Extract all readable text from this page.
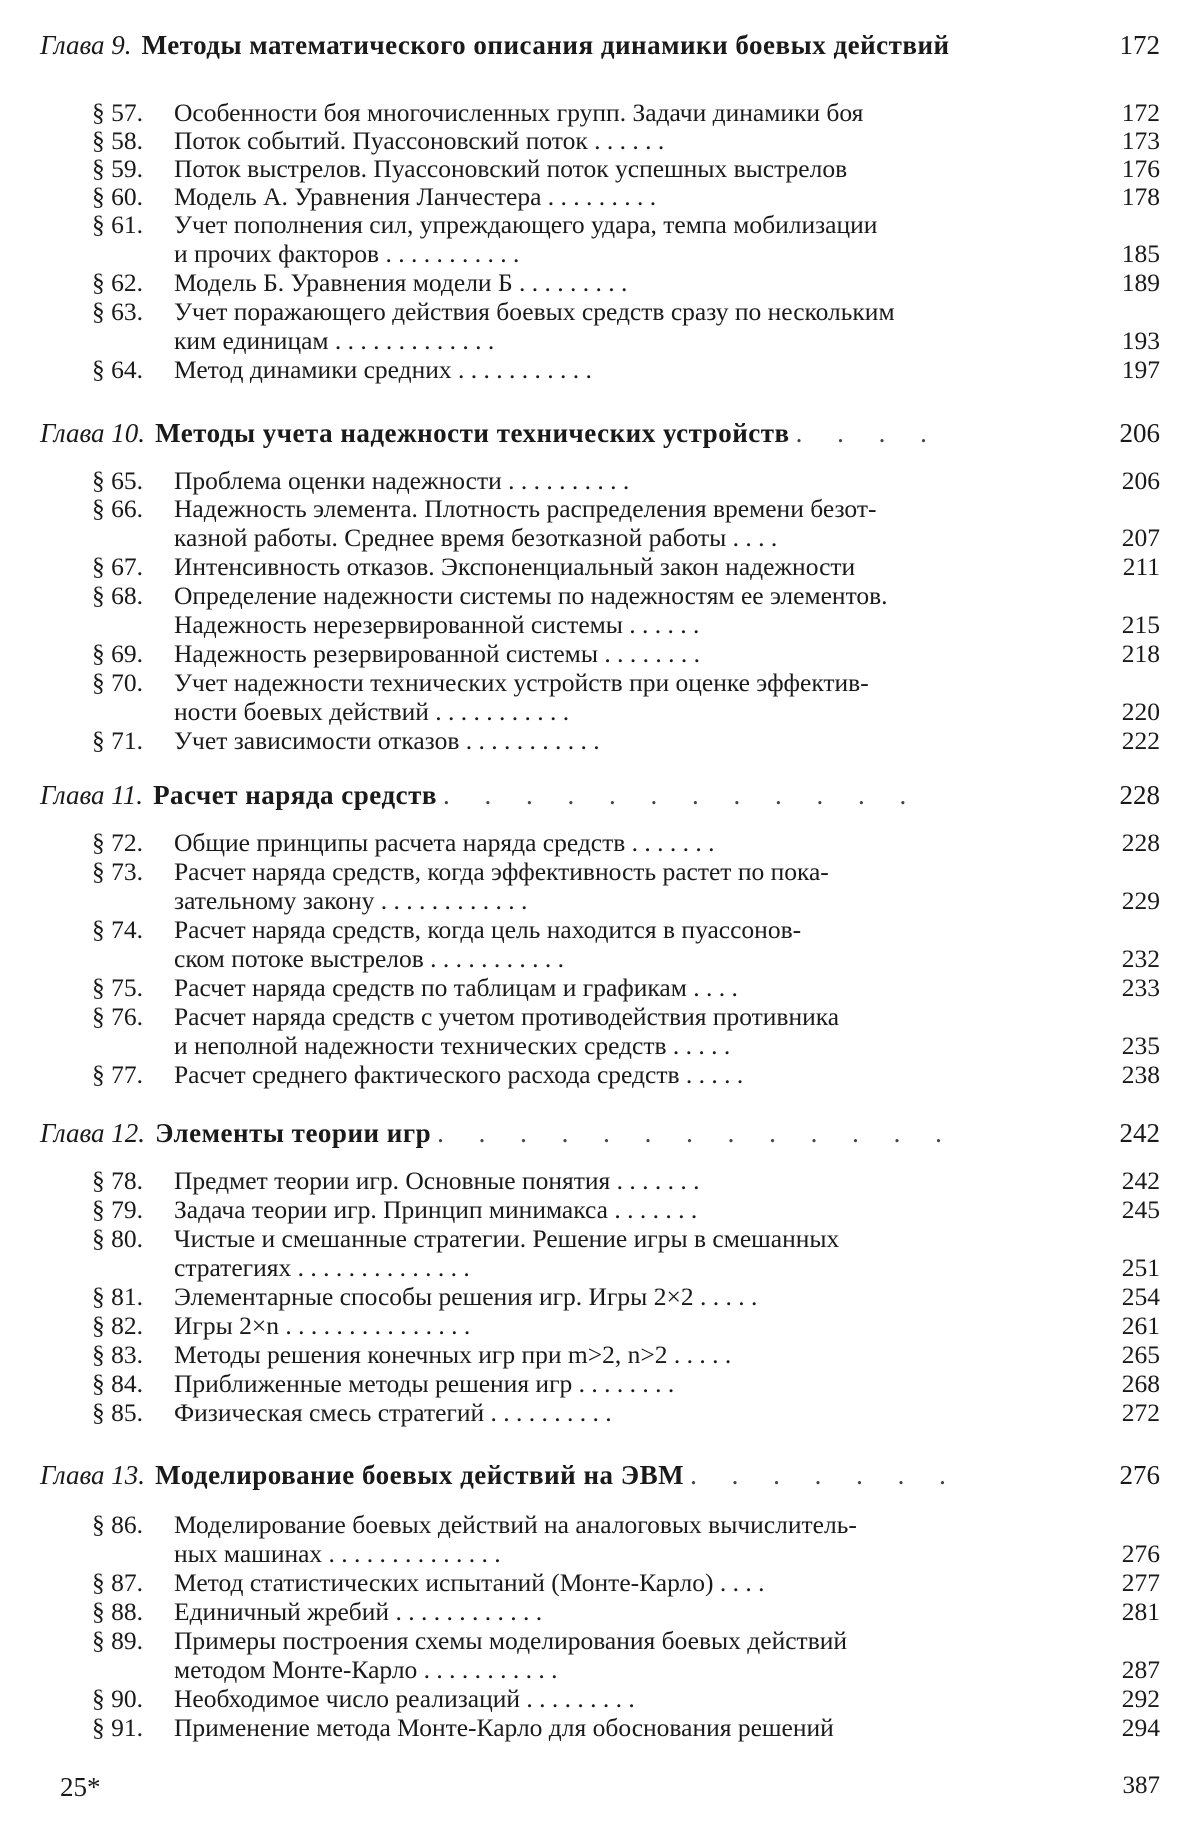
Глава 9. Методы математического описания динамики боевых действий	172
§ 57.	Особенности боя многочисленных групп. Задачи динамики боя	172
§ 58.	Поток событий. Пуассоновский поток . . . . . .	173
§ 59.	Поток выстрелов. Пуассоновский поток успешных выстрелов	176
§ 60.	Модель А. Уравнения Ланчестера . . . . . . . . .	178
§ 61.	Учет пополнения сил, упреждающего удара, темпа мобилизации
и прочих факторов . . . . . . . . . . .	185
§ 62.	Модель Б. Уравнения модели Б . . . . . . . . .	189
§ 63.	Учет поражающего действия боевых средств сразу по нескольким
ким единицам . . . . . . . . . . . . .	193
§ 64.	Метод динамики средних . . . . . . . . . . .	197
Глава 10. Методы учета надежности технических устройств . . . .	206
§ 65.	Проблема оценки надежности . . . . . . . . . .	206
§ 66.	Надежность элемента. Плотность распределения времени безот-
казной работы. Среднее время безотказной работы . . . .	207
§ 67.	Интенсивность отказов. Экспоненциальный закон надежности	211
§ 68.	Определение надежности системы по надежностям ее элементов.
Надежность нерезервированной системы . . . . . .	215
§ 69.	Надежность резервированной системы . . . . . . . .	218
§ 70.	Учет надежности технических устройств при оценке эффектив-
ности боевых действий . . . . . . . . . . .	220
§ 71.	Учет зависимости отказов . . . . . . . . . . .	222
Глава 11. Расчет наряда средств . . . . . . . . . . . .	228
§ 72.	Общие принципы расчета наряда средств . . . . . . .	228
§ 73.	Расчет наряда средств, когда эффективность растет по пока-
зательному закону . . . . . . . . . . . .	229
§ 74.	Расчет наряда средств, когда цель находится в пуассонов-
ском потоке выстрелов . . . . . . . . . . .	232
§ 75.	Расчет наряда средств по таблицам и графикам . . . .	233
§ 76.	Расчет наряда средств с учетом противодействия противника
и неполной надежности технических средств . . . . .	235
§ 77.	Расчет среднего фактического расхода средств . . . . .	238
Глава 12. Элементы теории игр . . . . . . . . . . . . .	242
§ 78.	Предмет теории игр. Основные понятия . . . . . . .	242
§ 79.	Задача теории игр. Принцип минимакса . . . . . . .	245
§ 80.	Чистые и смешанные стратегии. Решение игры в смешанных
стратегиях . . . . . . . . . . . . . .	251
§ 81.	Элементарные способы решения игр. Игры 2×2 . . . . .	254
§ 82.	Игры 2×n . . . . . . . . . . . . . . .	261
§ 83.	Методы решения конечных игр при m>2, n>2 . . . . .	265
§ 84.	Приближенные методы решения игр . . . . . . . .	268
§ 85.	Физическая смесь стратегий . . . . . . . . . .	272
Глава 13. Моделирование боевых действий на ЭВМ . . . . . . .	276
§ 86.	Моделирование боевых действий на аналоговых вычислитель-
ных машинах . . . . . . . . . . . . . .	276
§ 87.	Метод статистических испытаний (Монте-Карло) . . . .	277
§ 88.	Единичный жребий . . . . . . . . . . . .	281
§ 89.	Примеры построения схемы моделирования боевых действий
методом Монте-Карло . . . . . . . . . . .	287
§ 90.	Необходимое число реализаций . . . . . . . . .	292
§ 91.	Применение метода Монте-Карло для обоснования решений	294
25*	387
